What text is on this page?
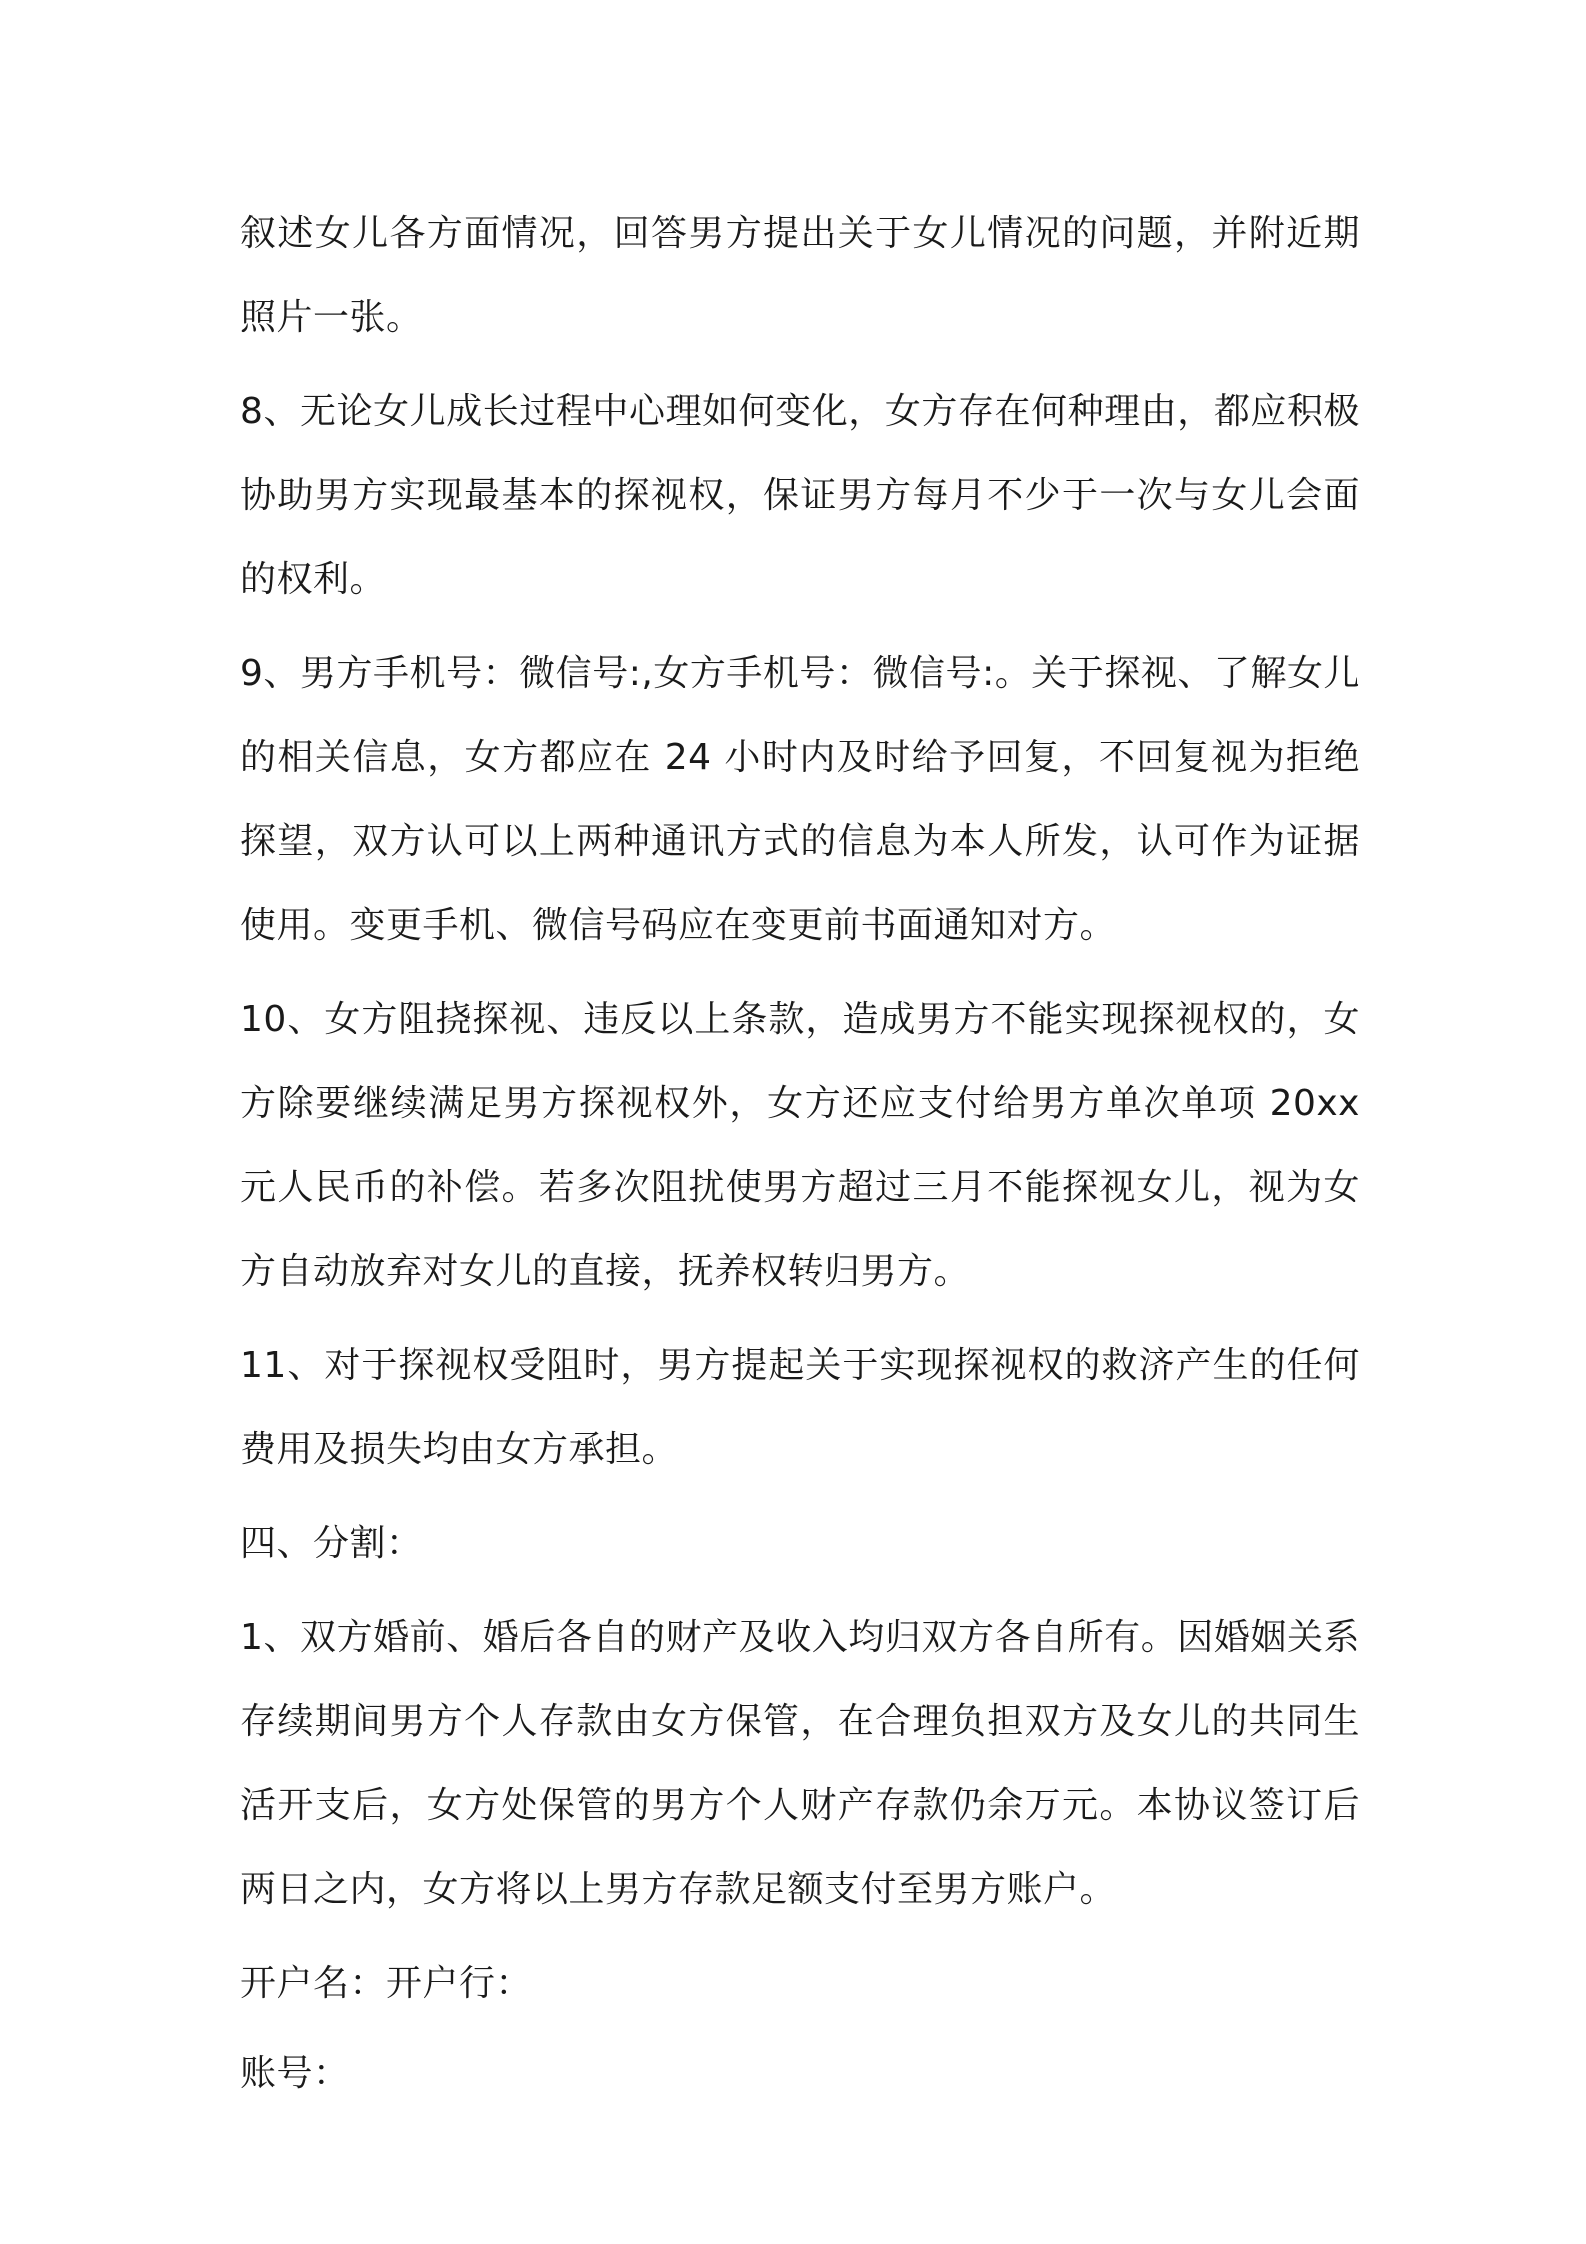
叙述女儿各方面情况，回答男方提出关于女儿情况的问题，并附近期照片一张。

8、无论女儿成长过程中心理如何变化，女方存在何种理由，都应积极协助男方实现最基本的探视权，保证男方每月不少于一次与女儿会面的权利。

9、男方手机号：微信号:,女方手机号：微信号:。关于探视、了解女儿的相关信息，女方都应在 24 小时内及时给予回复，不回复视为拒绝探望，双方认可以上两种通讯方式的信息为本人所发，认可作为证据使用。变更手机、微信号码应在变更前书面通知对方。

10、女方阻挠探视、违反以上条款，造成男方不能实现探视权的，女方除要继续满足男方探视权外，女方还应支付给男方单次单项 20xx 元人民币的补偿。若多次阻扰使男方超过三月不能探视女儿，视为女方自动放弃对女儿的直接，抚养权转归男方。

11、对于探视权受阻时，男方提起关于实现探视权的救济产生的任何费用及损失均由女方承担。

四、分割：

1、双方婚前、婚后各自的财产及收入均归双方各自所有。因婚姻关系存续期间男方个人存款由女方保管，在合理负担双方及女儿的共同生活开支后，女方处保管的男方个人财产存款仍余万元。本协议签订后两日之内，女方将以上男方存款足额支付至男方账户。

开户名：开户行：

账号：
